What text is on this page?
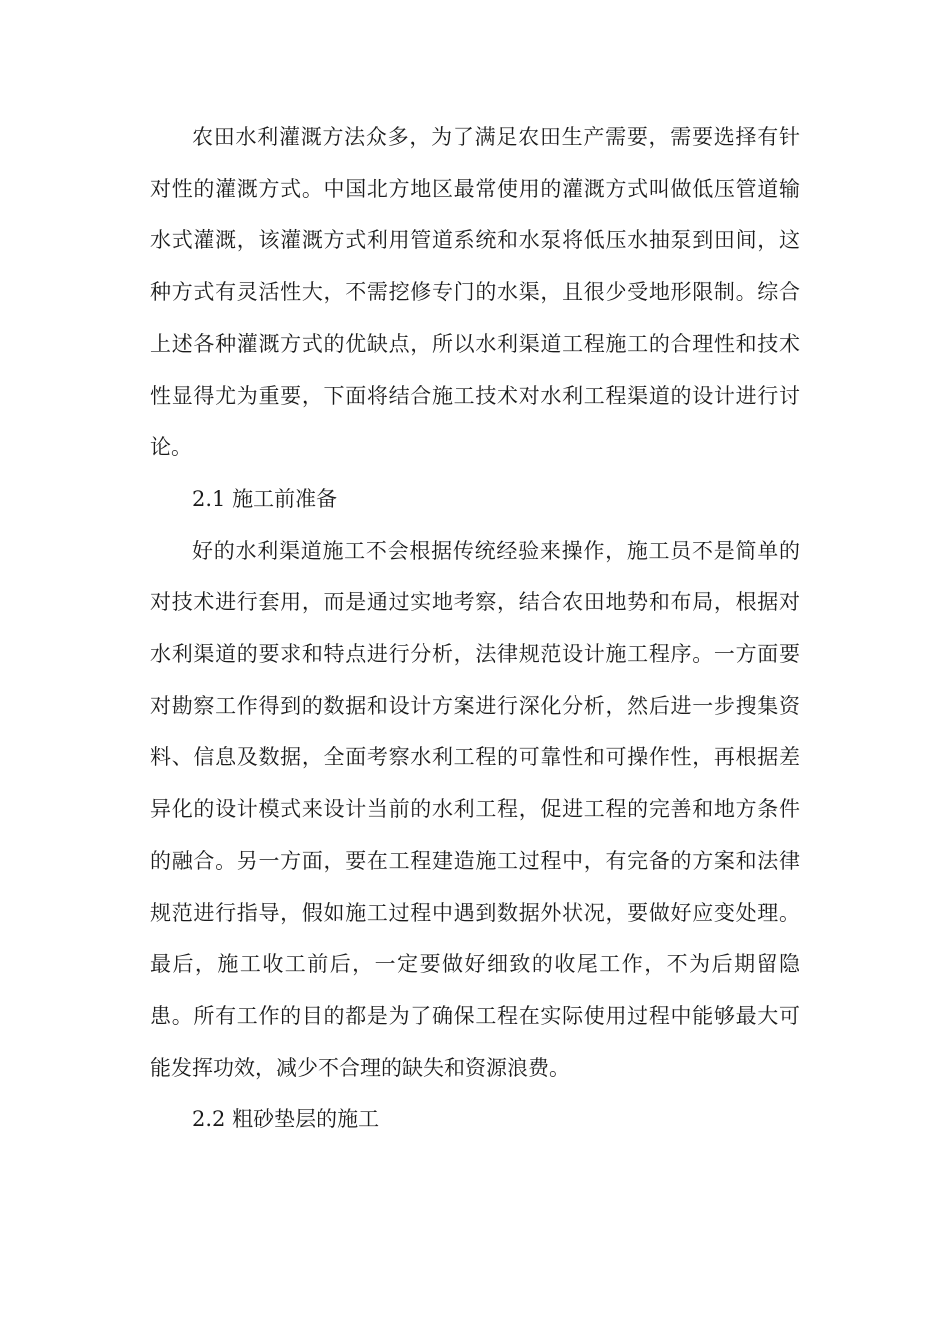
农田水利灌溉方法众多，为了满足农田生产需要，需要选择有针对性的灌溉方式。中国北方地区最常使用的灌溉方式叫做低压管道输水式灌溉，该灌溉方式利用管道系统和水泵将低压水抽泵到田间，这种方式有灵活性大，不需挖修专门的水渠，且很少受地形限制。综合上述各种灌溉方式的优缺点，所以水利渠道工程施工的合理性和技术性显得尤为重要，下面将结合施工技术对水利工程渠道的设计进行讨论。

2.1 施工前准备

好的水利渠道施工不会根据传统经验来操作，施工员不是简单的对技术进行套用，而是通过实地考察，结合农田地势和布局，根据对水利渠道的要求和特点进行分析，法律规范设计施工程序。一方面要对勘察工作得到的数据和设计方案进行深化分析，然后进一步搜集资料、信息及数据，全面考察水利工程的可靠性和可操作性，再根据差异化的设计模式来设计当前的水利工程，促进工程的完善和地方条件的融合。另一方面，要在工程建造施工过程中，有完备的方案和法律规范进行指导，假如施工过程中遇到数据外状况，要做好应变处理。最后，施工收工前后，一定要做好细致的收尾工作，不为后期留隐患。所有工作的目的都是为了确保工程在实际使用过程中能够最大可能发挥功效，减少不合理的缺失和资源浪费。

2.2 粗砂垫层的施工
